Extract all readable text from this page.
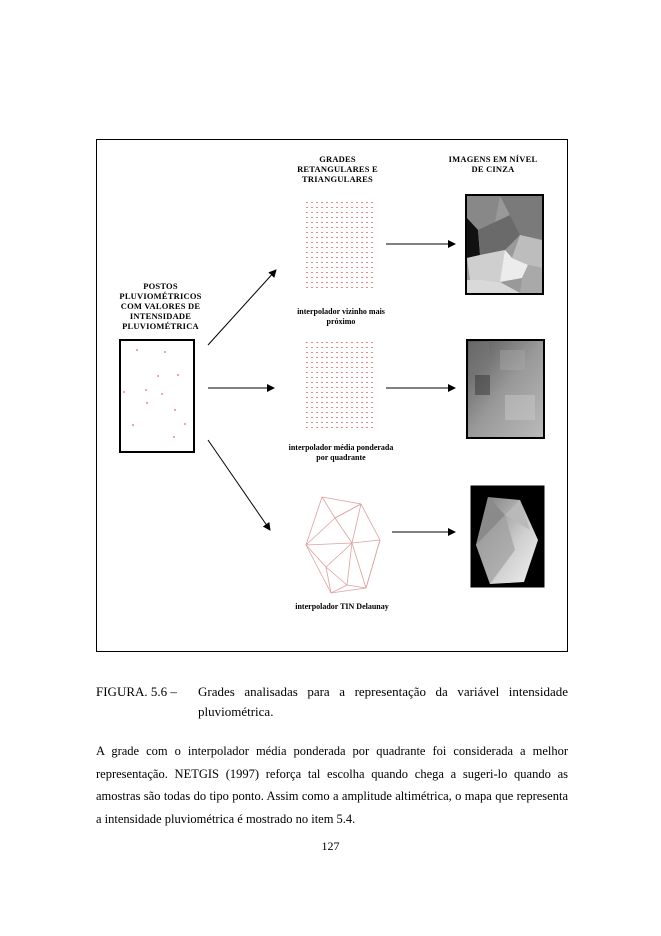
GRADES RETANGULARES E TRIANGULARES
IMAGENS EM NÍVEL DE CINZA
POSTOS PLUVIOMÉTRICOS COM VALORES DE INTENSIDADE PLUVIOMÉTRICA
interpolador vizinho mais próximo
interpolador média ponderada por quadrante
interpolador TIN Delaunay
FIGURA. 5.6 –	Grades analisadas para a representação da variável intensidade pluviométrica.
A grade com o interpolador média ponderada por quadrante foi considerada a melhor representação. NETGIS (1997) reforça tal escolha quando chega a sugeri-lo quando as amostras são todas do tipo ponto. Assim como a amplitude altimétrica, o mapa que representa a intensidade pluviométrica é mostrado no item 5.4.
127
